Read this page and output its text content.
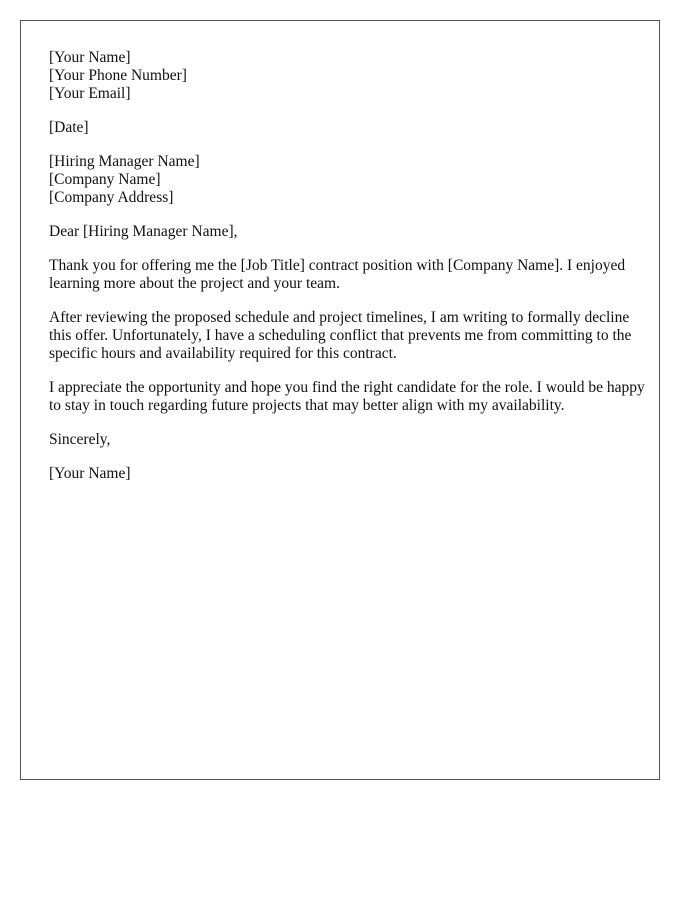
[Your Name]
[Your Phone Number]
[Your Email]
[Date]
[Hiring Manager Name]
[Company Name]
[Company Address]

Dear [Hiring Manager Name],

Thank you for offering me the [Job Title] contract position with [Company Name]. I enjoyed learning more about the project and your team.

After reviewing the proposed schedule and project timelines, I am writing to formally decline this offer. Unfortunately, I have a scheduling conflict that prevents me from committing to the specific hours and availability required for this contract.

I appreciate the opportunity and hope you find the right candidate for the role. I would be happy to stay in touch regarding future projects that may better align with my availability.

Sincerely,

[Your Name]
